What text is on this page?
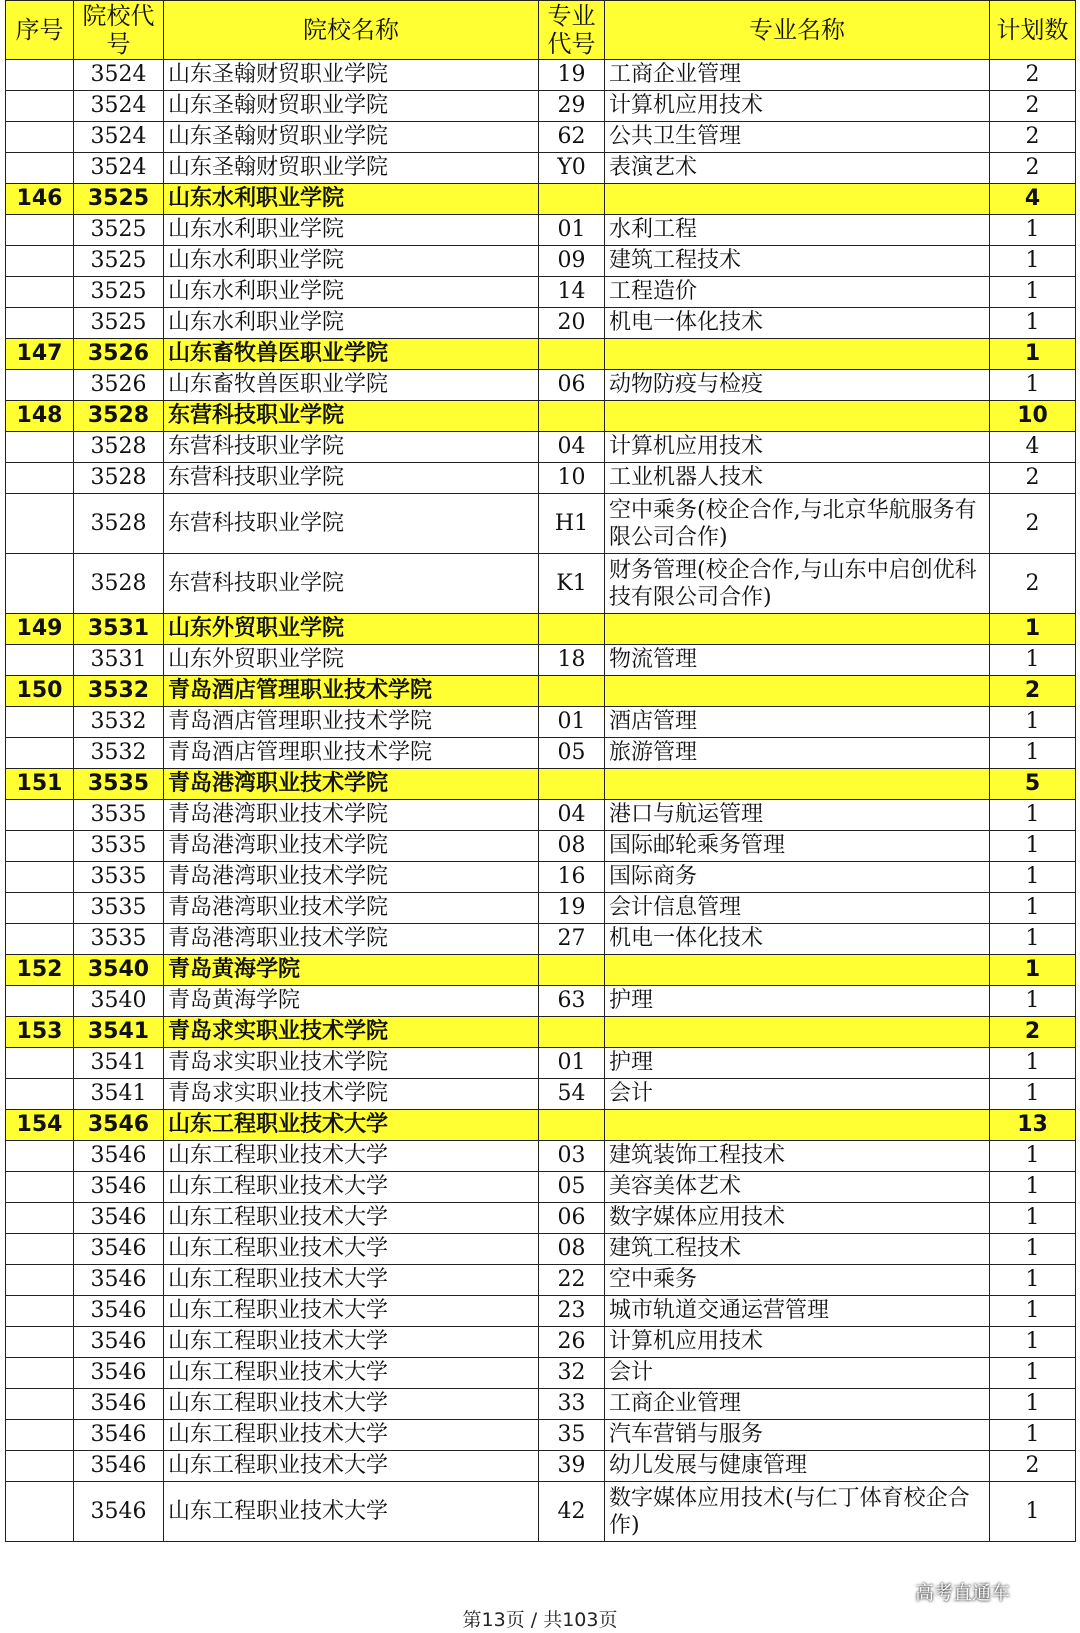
序号	院校代号	院校名称	专业代号	专业名称	计划数
	3524	山东圣翰财贸职业学院	19	工商企业管理	2
	3524	山东圣翰财贸职业学院	29	计算机应用技术	2
	3524	山东圣翰财贸职业学院	62	公共卫生管理	2
	3524	山东圣翰财贸职业学院	Y0	表演艺术	2
146	3525	山东水利职业学院			4
	3525	山东水利职业学院	01	水利工程	1
	3525	山东水利职业学院	09	建筑工程技术	1
	3525	山东水利职业学院	14	工程造价	1
	3525	山东水利职业学院	20	机电一体化技术	1
147	3526	山东畜牧兽医职业学院			1
	3526	山东畜牧兽医职业学院	06	动物防疫与检疫	1
148	3528	东营科技职业学院			10
	3528	东营科技职业学院	04	计算机应用技术	4
	3528	东营科技职业学院	10	工业机器人技术	2
	3528	东营科技职业学院	H1	空中乘务(校企合作,与北京华航服务有限公司合作)	2
	3528	东营科技职业学院	K1	财务管理(校企合作,与山东中启创优科技有限公司合作)	2
149	3531	山东外贸职业学院			1
	3531	山东外贸职业学院	18	物流管理	1
150	3532	青岛酒店管理职业技术学院			2
	3532	青岛酒店管理职业技术学院	01	酒店管理	1
	3532	青岛酒店管理职业技术学院	05	旅游管理	1
151	3535	青岛港湾职业技术学院			5
	3535	青岛港湾职业技术学院	04	港口与航运管理	1
	3535	青岛港湾职业技术学院	08	国际邮轮乘务管理	1
	3535	青岛港湾职业技术学院	16	国际商务	1
	3535	青岛港湾职业技术学院	19	会计信息管理	1
	3535	青岛港湾职业技术学院	27	机电一体化技术	1
152	3540	青岛黄海学院			1
	3540	青岛黄海学院	63	护理	1
153	3541	青岛求实职业技术学院			2
	3541	青岛求实职业技术学院	01	护理	1
	3541	青岛求实职业技术学院	54	会计	1
154	3546	山东工程职业技术大学			13
	3546	山东工程职业技术大学	03	建筑装饰工程技术	1
	3546	山东工程职业技术大学	05	美容美体艺术	1
	3546	山东工程职业技术大学	06	数字媒体应用技术	1
	3546	山东工程职业技术大学	08	建筑工程技术	1
	3546	山东工程职业技术大学	22	空中乘务	1
	3546	山东工程职业技术大学	23	城市轨道交通运营管理	1
	3546	山东工程职业技术大学	26	计算机应用技术	1
	3546	山东工程职业技术大学	32	会计	1
	3546	山东工程职业技术大学	33	工商企业管理	1
	3546	山东工程职业技术大学	35	汽车营销与服务	1
	3546	山东工程职业技术大学	39	幼儿发展与健康管理	2
	3546	山东工程职业技术大学	42	数字媒体应用技术(与仁丁体育校企合作)	1
第13页 / 共103页
高考直通车
